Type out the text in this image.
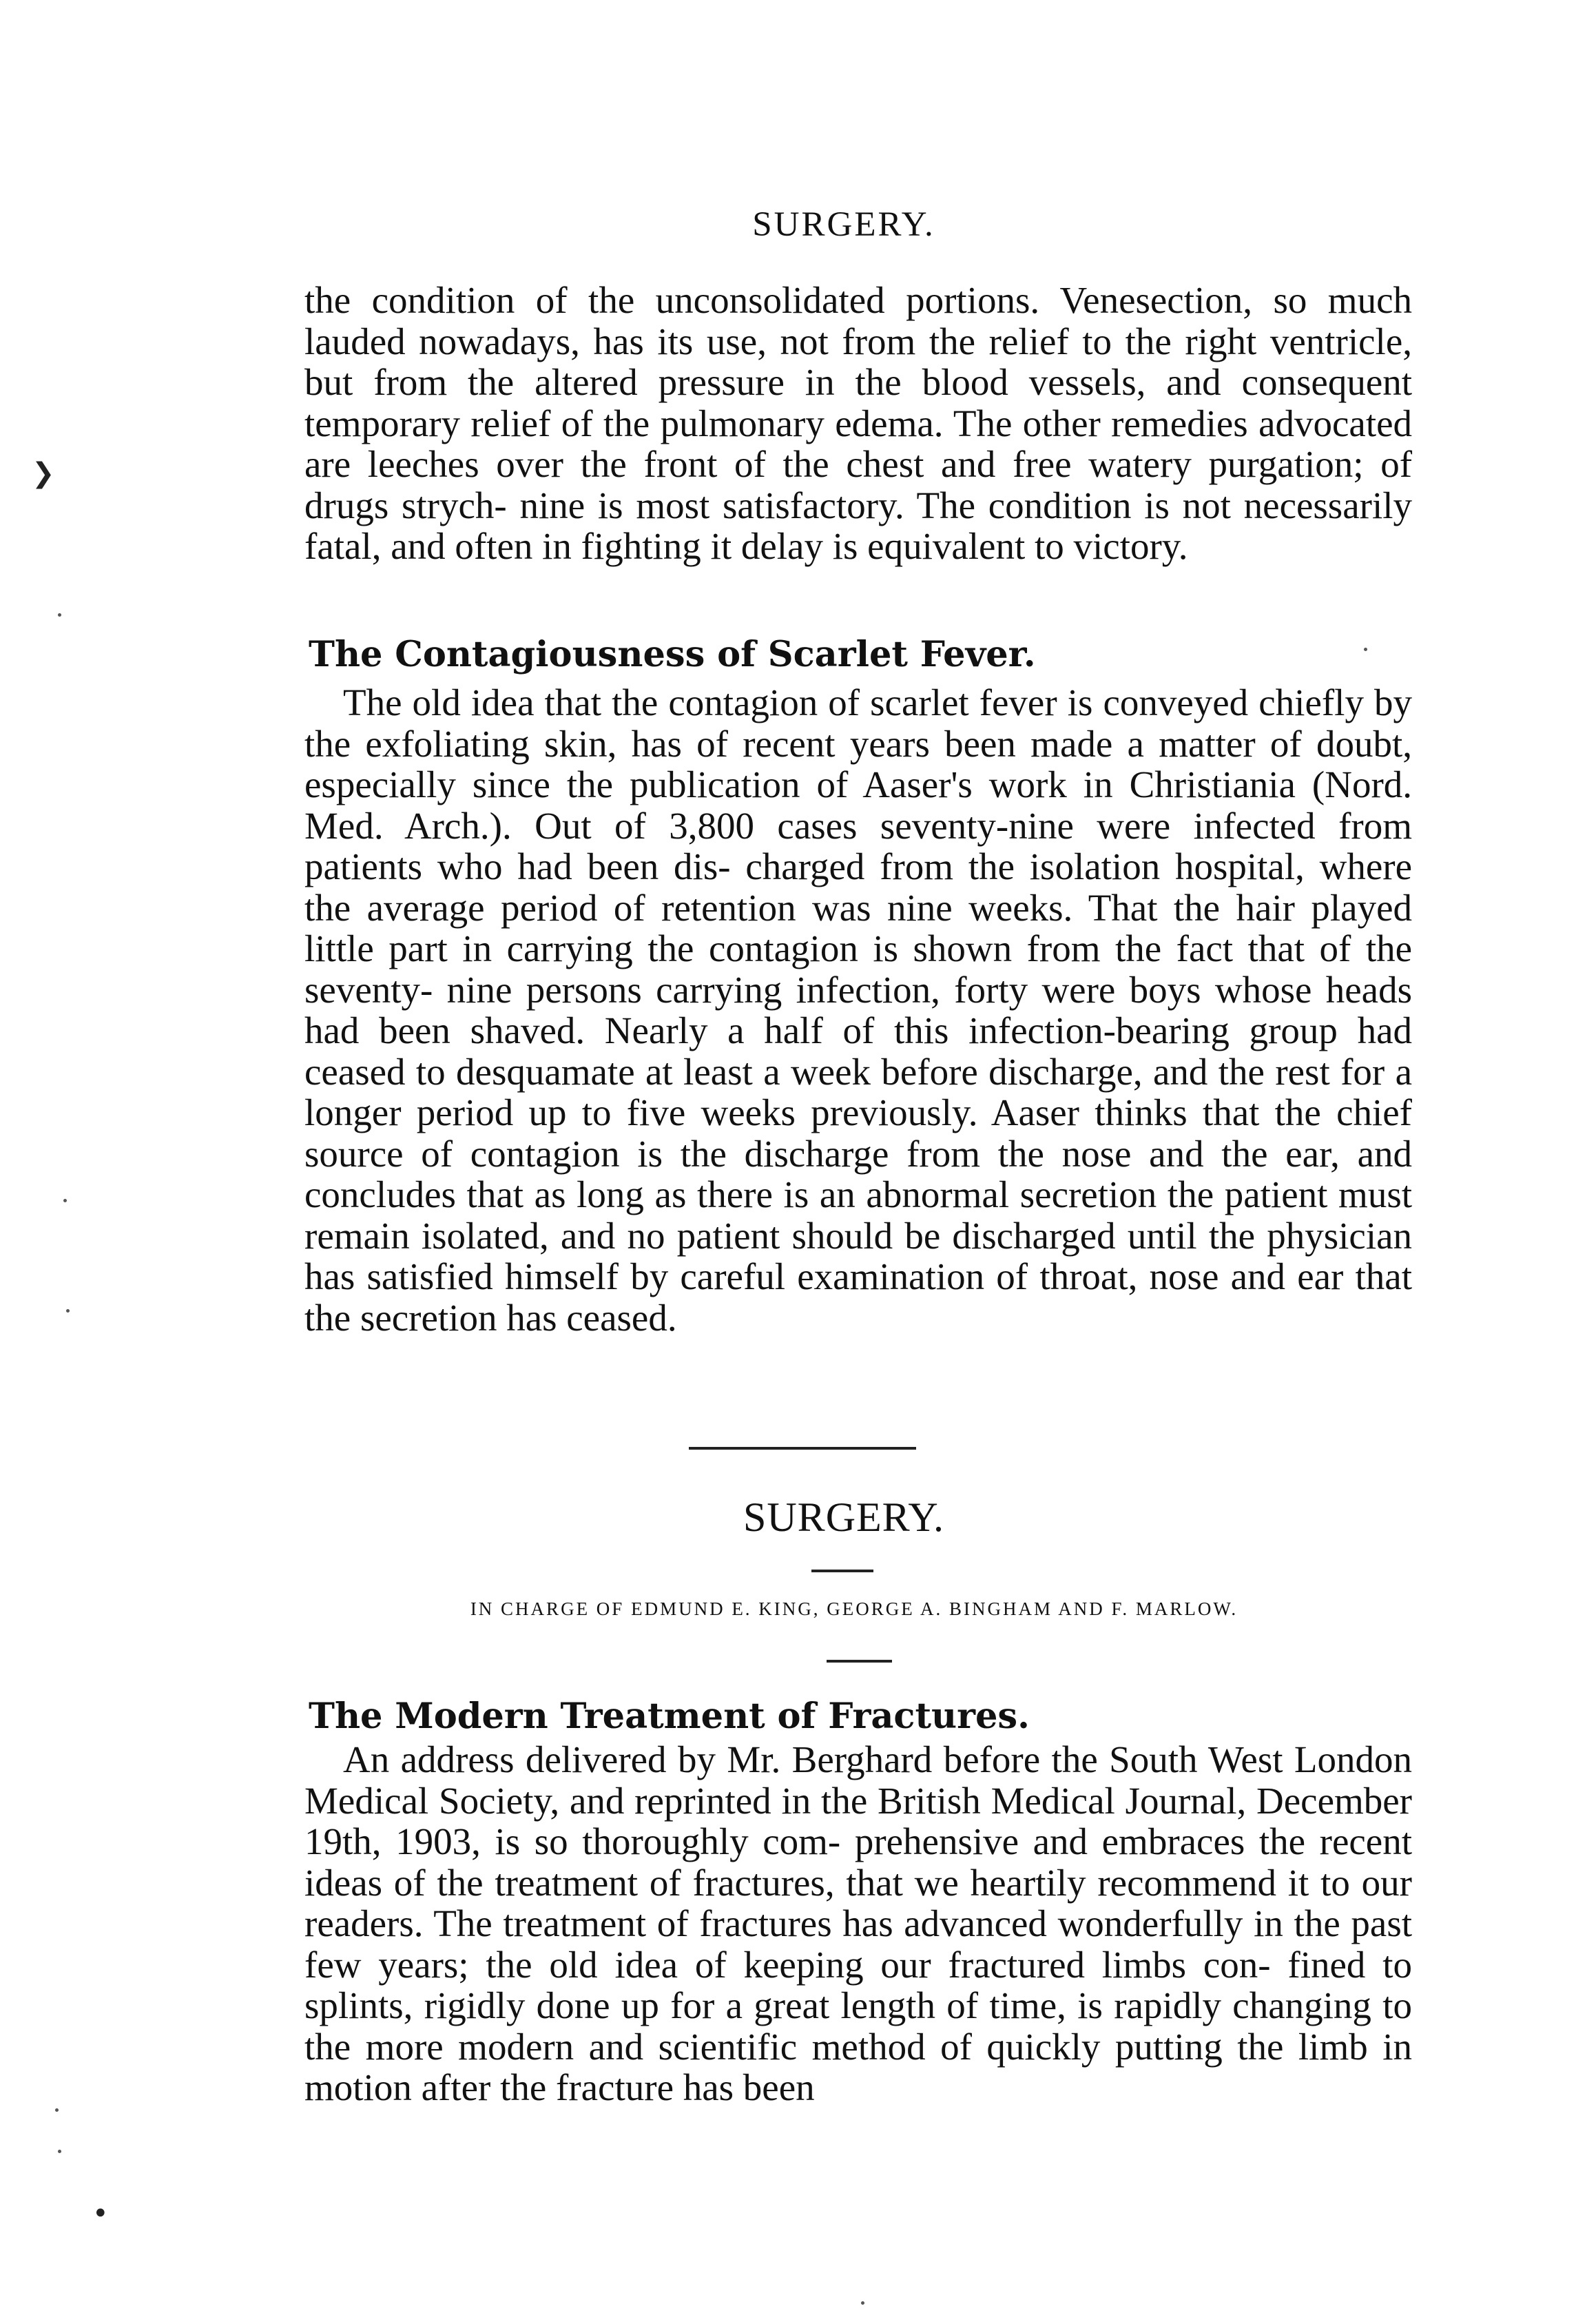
SURGERY.

the condition of the unconsolidated portions. Venesection, so much lauded nowadays, has its use, not from the relief to the right ventricle, but from the altered pressure in the blood vessels, and consequent temporary relief of the pulmonary edema. The other remedies advocated are leeches over the front of the chest and free watery purgation; of drugs strych- nine is most satisfactory. The condition is not necessarily fatal, and often in fighting it delay is equivalent to victory.

The Contagiousness of Scarlet Fever.

The old idea that the contagion of scarlet fever is conveyed chiefly by the exfoliating skin, has of recent years been made a matter of doubt, especially since the publication of Aaser's work in Christiania (Nord. Med. Arch.). Out of 3,800 cases seventy-nine were infected from patients who had been dis- charged from the isolation hospital, where the average period of retention was nine weeks. That the hair played little part in carrying the contagion is shown from the fact that of the seventy- nine persons carrying infection, forty were boys whose heads had been shaved. Nearly a half of this infection-bearing group had ceased to desquamate at least a week before discharge, and the rest for a longer period up to five weeks previously. Aaser thinks that the chief source of contagion is the discharge from the nose and the ear, and concludes that as long as there is an abnormal secretion the patient must remain isolated, and no patient should be discharged until the physician has satisfied himself by careful examination of throat, nose and ear that the secretion has ceased.

SURGERY.
IN CHARGE OF EDMUND E. KING, GEORGE A. BINGHAM AND F. MARLOW.
The Modern Treatment of Fractures.

An address delivered by Mr. Berghard before the South West London Medical Society, and reprinted in the British Medical Journal, December 19th, 1903, is so thoroughly com- prehensive and embraces the recent ideas of the treatment of fractures, that we heartily recommend it to our readers. The treatment of fractures has advanced wonderfully in the past few years; the old idea of keeping our fractured limbs con- fined to splints, rigidly done up for a great length of time, is rapidly changing to the more modern and scientific method of quickly putting the limb in motion after the fracture has been

❯
•
